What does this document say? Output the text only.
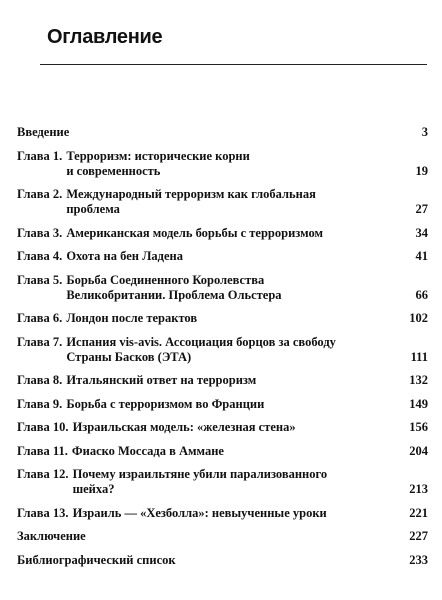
Оглавление
Введение	3
Глава 1. Терроризм: исторические корни
и современность	19
Глава 2. Международный терроризм как глобальная
проблема	27
Глава 3. Американская модель борьбы с терроризмом	34
Глава 4. Охота на бен Ладена	41
Глава 5. Борьба Соединенного Королевства
Великобритании. Проблема Ольстера	66
Глава 6. Лондон после терактов	102
Глава 7. Испания vis-avis. Ассоциация борцов за свободу
Страны Басков (ЭТА)	111
Глава 8. Итальянский ответ на терроризм	132
Глава 9. Борьба с терроризмом во Франции	149
Глава 10. Израильская модель: «железная стена»	156
Глава 11. Фиаско Моссада в Аммане	204
Глава 12. Почему израильтяне убили парализованного
шейха?	213
Глава 13. Израиль — «Хезболла»: невыученные уроки	221
Заключение	227
Библиографический список	233
